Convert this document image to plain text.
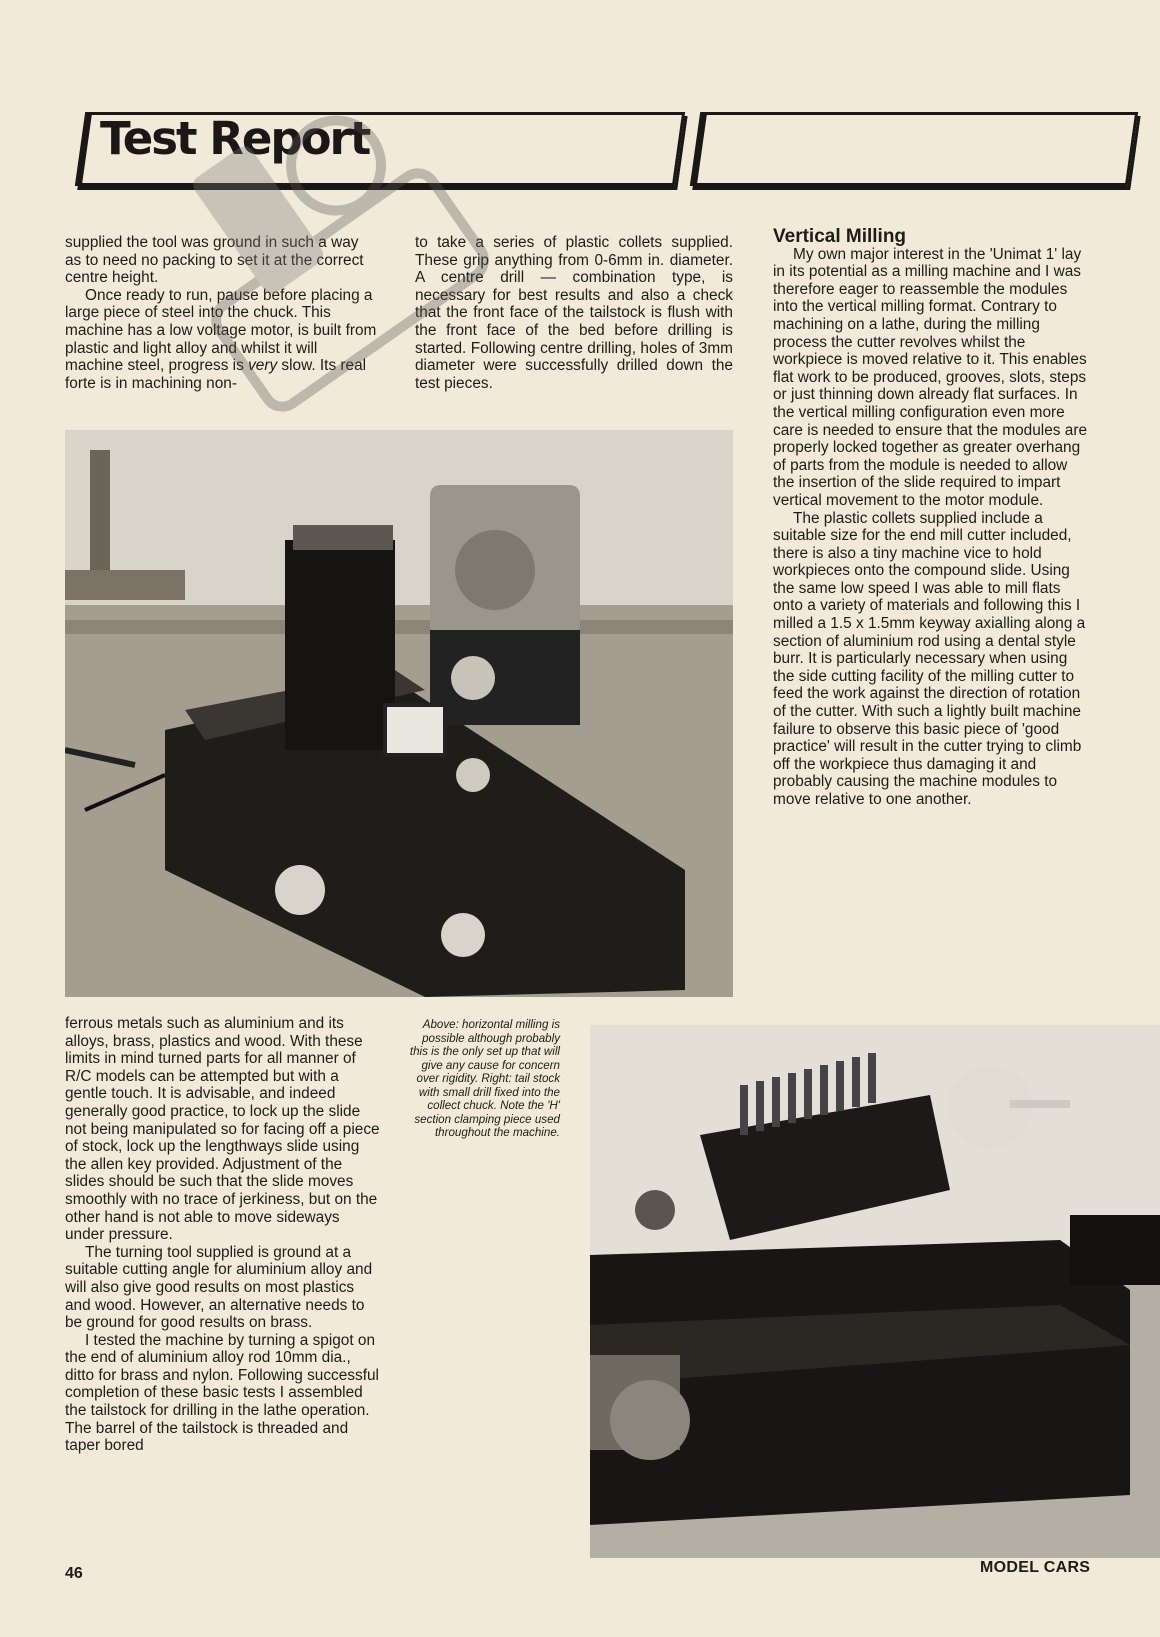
Test Report

supplied the tool was ground in such a way as to need no packing to set it at the correct centre height.

Once ready to run, pause before placing a large piece of steel into the chuck. This machine has a low voltage motor, is built from plastic and light alloy and whilst it will machine steel, progress is very slow. Its real forte is in machining non-

to take a series of plastic collets supplied. These grip anything from 0-6mm in. diameter. A centre drill — combination type, is necessary for best results and also a check that the front face of the tailstock is flush with the front face of the bed before drilling is started. Following centre drilling, holes of 3mm diameter were successfully drilled down the test pieces.

Vertical Milling

My own major interest in the 'Unimat 1' lay in its potential as a milling machine and I was therefore eager to reassemble the modules into the vertical milling format. Contrary to machining on a lathe, during the milling process the cutter revolves whilst the workpiece is moved relative to it. This enables flat work to be produced, grooves, slots, steps or just thinning down already flat surfaces. In the vertical milling configuration even more care is needed to ensure that the modules are properly locked together as greater overhang of parts from the module is needed to allow the insertion of the slide required to impart vertical movement to the motor module.

The plastic collets supplied include a suitable size for the end mill cutter included, there is also a tiny machine vice to hold workpieces onto the compound slide. Using the same low speed I was able to mill flats onto a variety of materials and following this I milled a 1.5 x 1.5mm keyway axialling along a section of aluminium rod using a dental style burr. It is particularly necessary when using the side cutting facility of the milling cutter to feed the work against the direction of rotation of the cutter. With such a lightly built machine failure to observe this basic piece of 'good practice' will result in the cutter trying to climb off the workpiece thus damaging it and probably causing the machine modules to move relative to one another.

Above: horizontal milling is possible although probably this is the only set up that will give any cause for concern over rigidity. Right: tail stock with small drill fixed into the collect chuck. Note the 'H' section clamping piece used throughout the machine.

ferrous metals such as aluminium and its alloys, brass, plastics and wood. With these limits in mind turned parts for all manner of R/C models can be attempted but with a gentle touch. It is advisable, and indeed generally good practice, to lock up the slide not being manipulated so for facing off a piece of stock, lock up the lengthways slide using the allen key provided. Adjustment of the slides should be such that the slide moves smoothly with no trace of jerkiness, but on the other hand is not able to move sideways under pressure.

The turning tool supplied is ground at a suitable cutting angle for aluminium alloy and will also give good results on most plastics and wood. However, an alternative needs to be ground for good results on brass.

I tested the machine by turning a spigot on the end of aluminium alloy rod 10mm dia., ditto for brass and nylon. Following successful completion of these basic tests I assembled the tailstock for drilling in the lathe operation. The barrel of the tailstock is threaded and taper bored

46	MODEL CARS
